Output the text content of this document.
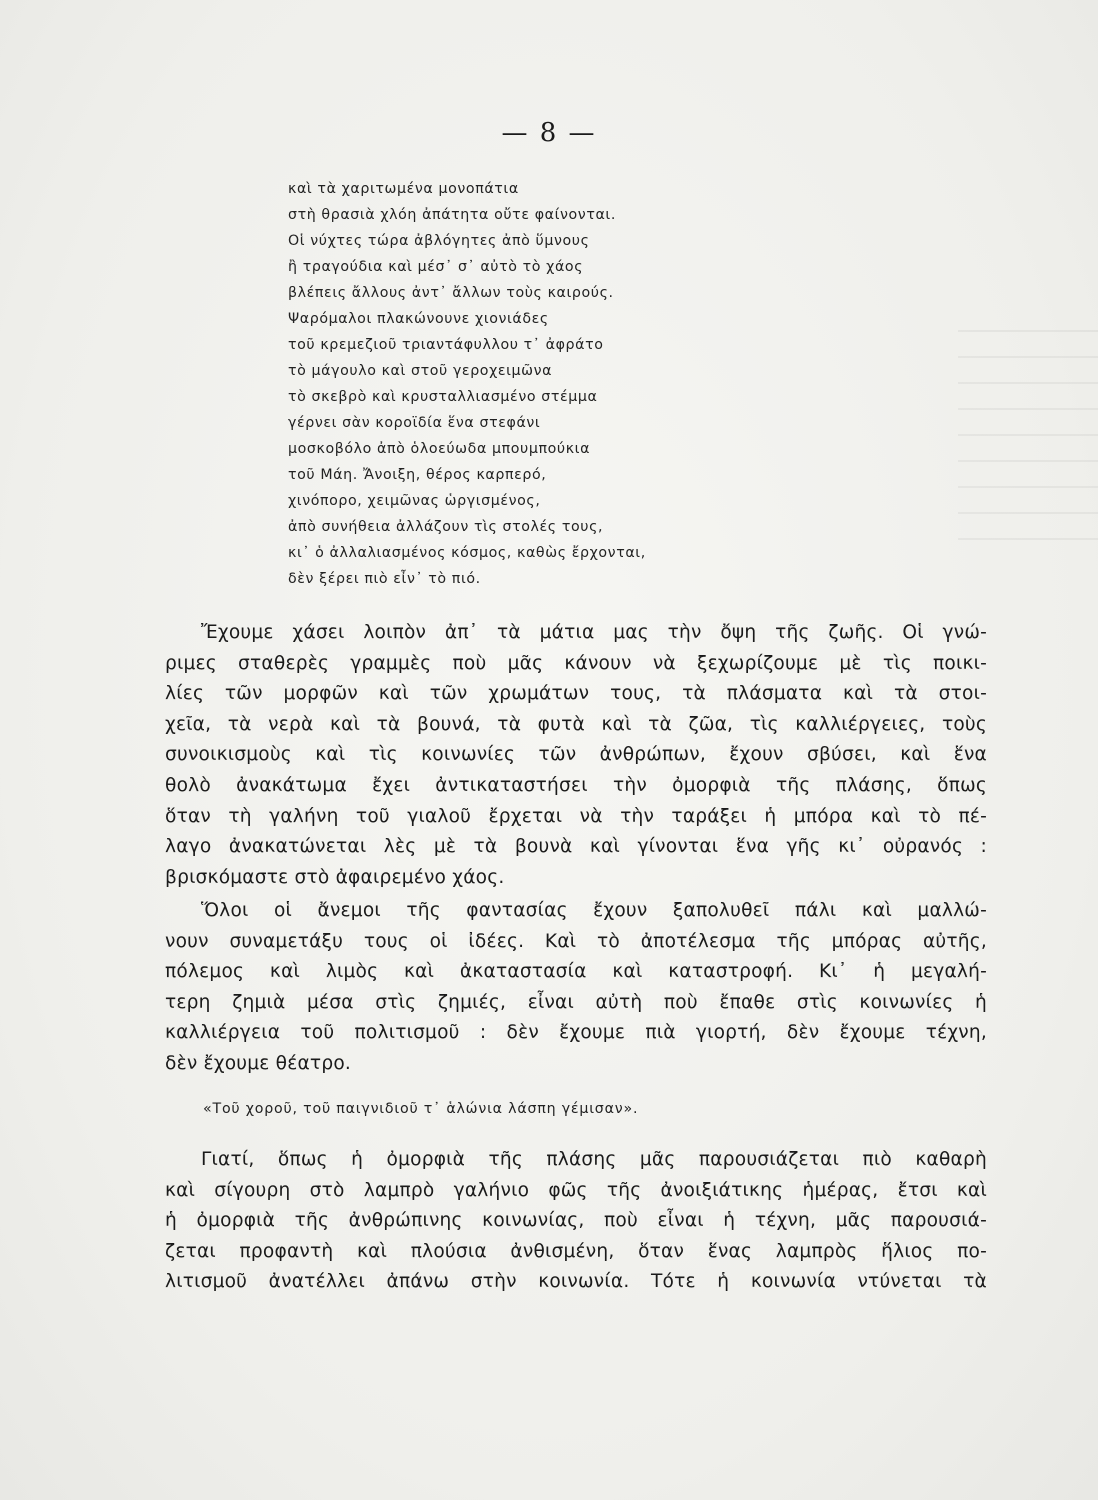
— 8 —
καὶ τὰ χαριτωμένα μονοπάτια
στὴ θρασιὰ χλόη ἀπάτητα οὔτε φαίνονται.
Οἱ νύχτες τώρα ἀβλόγητες ἀπὸ ὕμνους
ἢ τραγούδια καὶ μέσ᾿ σ᾿ αὐτὸ τὸ χάος
βλέπεις ἄλλους ἀντ᾿ ἄλλων τοὺς καιρούς.
Ψαρόμαλοι πλακώνουνε χιονιάδες
τοῦ κρεμεζιοῦ τριαντάφυλλου τ᾿ ἀφράτο
τὸ μάγουλο καὶ στοῦ γεροχειμῶνα
τὸ σκεβρὸ καὶ κρυσταλλιασμένο στέμμα
γέρνει σὰν κοροϊδία ἕνα στεφάνι
μοσκοβόλο ἀπὸ ὁλοεύωδα μπουμπούκια
τοῦ Μάη. Ἄνοιξη, θέρος καρπερό,
χινόπορο, χειμῶνας ὡργισμένος,
ἀπὸ συνήθεια ἀλλάζουν τὶς στολές τους,
κι᾿ ὁ ἀλλαλιασμένος κόσμος, καθὼς ἔρχονται,
δὲν ξέρει πιὸ εἶν᾿ τὸ πιό.
Ἔχουμε χάσει λοιπὸν ἀπ᾿ τὰ μάτια μας τὴν ὄψη τῆς ζωῆς. Οἱ γνώ-
ριμες σταθερὲς γραμμὲς ποὺ μᾶς κάνουν νὰ ξεχωρίζουμε μὲ τὶς ποικι-
λίες τῶν μορφῶν καὶ τῶν χρωμάτων τους, τὰ πλάσματα καὶ τὰ στοι-
χεῖα, τὰ νερὰ καὶ τὰ βουνά, τὰ φυτὰ καὶ τὰ ζῶα, τὶς καλλιέργειες, τοὺς
συνοικισμοὺς καὶ τὶς κοινωνίες τῶν ἀνθρώπων, ἔχουν σβύσει, καὶ ἕνα
θολὸ ἀνακάτωμα ἔχει ἀντικαταστήσει τὴν ὀμορφιὰ τῆς πλάσης, ὅπως
ὅταν τὴ γαλήνη τοῦ γιαλοῦ ἔρχεται νὰ τὴν ταράξει ἡ μπόρα καὶ τὸ πέ-
λαγο ἀνακατώνεται λὲς μὲ τὰ βουνὰ καὶ γίνονται ἕνα γῆς κι᾿ οὐρανός :
βρισκόμαστε στὸ ἀφαιρεμένο χάος.
Ὅλοι οἱ ἄνεμοι τῆς φαντασίας ἔχουν ξαπολυθεῖ πάλι καὶ μαλλώ-
νουν συναμετάξυ τους οἱ ἰδέες. Καὶ τὸ ἀποτέλεσμα τῆς μπόρας αὐτῆς,
πόλεμος καὶ λιμὸς καὶ ἀκαταστασία καὶ καταστροφή. Κι᾿ ἡ μεγαλή-
τερη ζημιὰ μέσα στὶς ζημιές, εἶναι αὐτὴ ποὺ ἔπαθε στὶς κοινωνίες ἡ
καλλιέργεια τοῦ πολιτισμοῦ : δὲν ἔχουμε πιὰ γιορτή, δὲν ἔχουμε τέχνη,
δὲν ἔχουμε θέατρο.
«Τοῦ χοροῦ, τοῦ παιγνιδιοῦ τ᾿ ἁλώνια λάσπη γέμισαν».
Γιατί, ὅπως ἡ ὀμορφιὰ τῆς πλάσης μᾶς παρουσιάζεται πιὸ καθαρὴ
καὶ σίγουρη στὸ λαμπρὸ γαλήνιο φῶς τῆς ἀνοιξιάτικης ἡμέρας, ἔτσι καὶ
ἡ ὀμορφιὰ τῆς ἀνθρώπινης κοινωνίας, ποὺ εἶναι ἡ τέχνη, μᾶς παρουσιά-
ζεται προφαντὴ καὶ πλούσια ἀνθισμένη, ὅταν ἕνας λαμπρὸς ἥλιος πο-
λιτισμοῦ ἀνατέλλει ἀπάνω στὴν κοινωνία. Τότε ἡ κοινωνία ντύνεται τὰ
